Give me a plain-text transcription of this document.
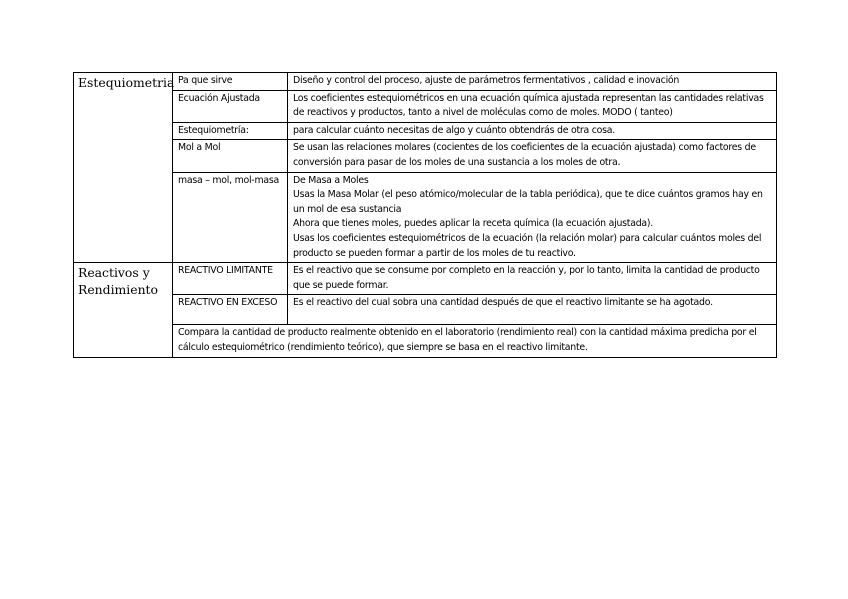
Estequiometria	Pa que sirve	Diseño y control del proceso, ajuste de parámetros fermentativos , calidad e inovación

	Ecuación Ajustada	Los coeficientes estequiométricos en una ecuación química ajustada representan las cantidades relativas de reactivos y productos, tanto a nivel de moléculas como de moles. MODO ( tanteo)

	Estequiometría:	para calcular cuánto necesitas de algo y cuánto obtendrás de otra cosa.

	Mol a Mol	Se usan las relaciones molares (cocientes de los coeficientes de la ecuación ajustada) como factores de conversión para pasar de los moles de una sustancia a los moles de otra.

	masa – mol, mol-masa	De Masa a Moles
Usas la Masa Molar (el peso atómico/molecular de la tabla periódica), que te dice cuántos gramos hay en un mol de esa sustancia
Ahora que tienes moles, puedes aplicar la receta química (la ecuación ajustada).
Usas los coeficientes estequiométricos de la ecuación (la relación molar) para calcular cuántos moles del producto se pueden formar a partir de los moles de tu reactivo.

Reactivos y Rendimiento	REACTIVO LIMITANTE	Es el reactivo que se consume por completo en la reacción y, por lo tanto, limita la cantidad de producto que se puede formar.

	REACTIVO EN EXCESO	Es el reactivo del cual sobra una cantidad después de que el reactivo limitante se ha agotado.

	Compara la cantidad de producto realmente obtenido en el laboratorio (rendimiento real) con la cantidad máxima predicha por el cálculo estequiométrico (rendimiento teórico), que siempre se basa en el reactivo limitante.	
